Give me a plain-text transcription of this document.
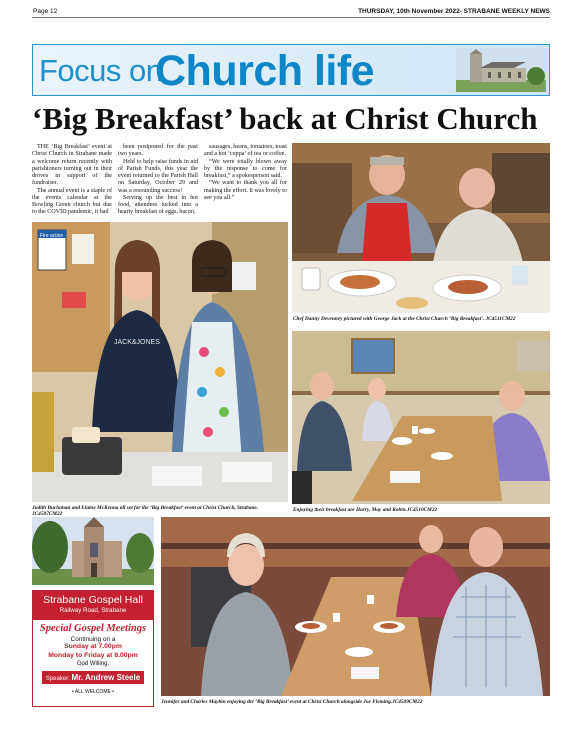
Page 12	THURSDAY, 10th November 2022- STRABANE WEEKLY NEWS
Focus on
Church life
‘Big Breakfast’ back at Christ Church

THE ‘Big Breakfast’ event at Christ Church in Strabane made a welcome return recently with parishioners turning out in their droves in support of the fundraiser.

The annual event is a staple of the events calendar at the Bowling Green church but due to the COVID pandemic, it had

been postponed for the past two years.

Held to help raise funds in aid of Parish Funds, this year the event returned to the Parish Hall on Saturday, October 29 and was a resounding success!

Serving up the best in hot food, attendees tucked into a hearty breakfast of eggs, bacon,

sausages, beans, tomatoes, toast and a hot ‘cuppa’ of tea or coffee.

“We were totally blown away by the response to come for breakfast,” a spokesperson said.

“We want to thank you all for making the effort. It was lovely to see you all.”

Chef Danny Devenney pictured with George Jack at the Christ Church ‘Big Breakfast’. JC4511CM22
Fire action
JACK&JONES
Judith Buchanan and Elaine McKenna all set for the ‘Big Breakfast’ event at Christ Church, Strabane. JC4507CM22
Enjoying their breakfast are Harry, May and Robin.JC4510CM22
Strabane Gospel Hall
Railway Road, Strabane
Special Gospel Meetings
Continuing on a
Sunday at 7.00pm
Monday to Friday at 8.00pm
God Willing.
Speaker: Mr. Andrew Steele
• ALL WELCOME •
Jennifer and Charles Maybin enjoying the ‘Big Breakfast’ event at Christ Church alongside Joe Fleming.JC4509CM22
